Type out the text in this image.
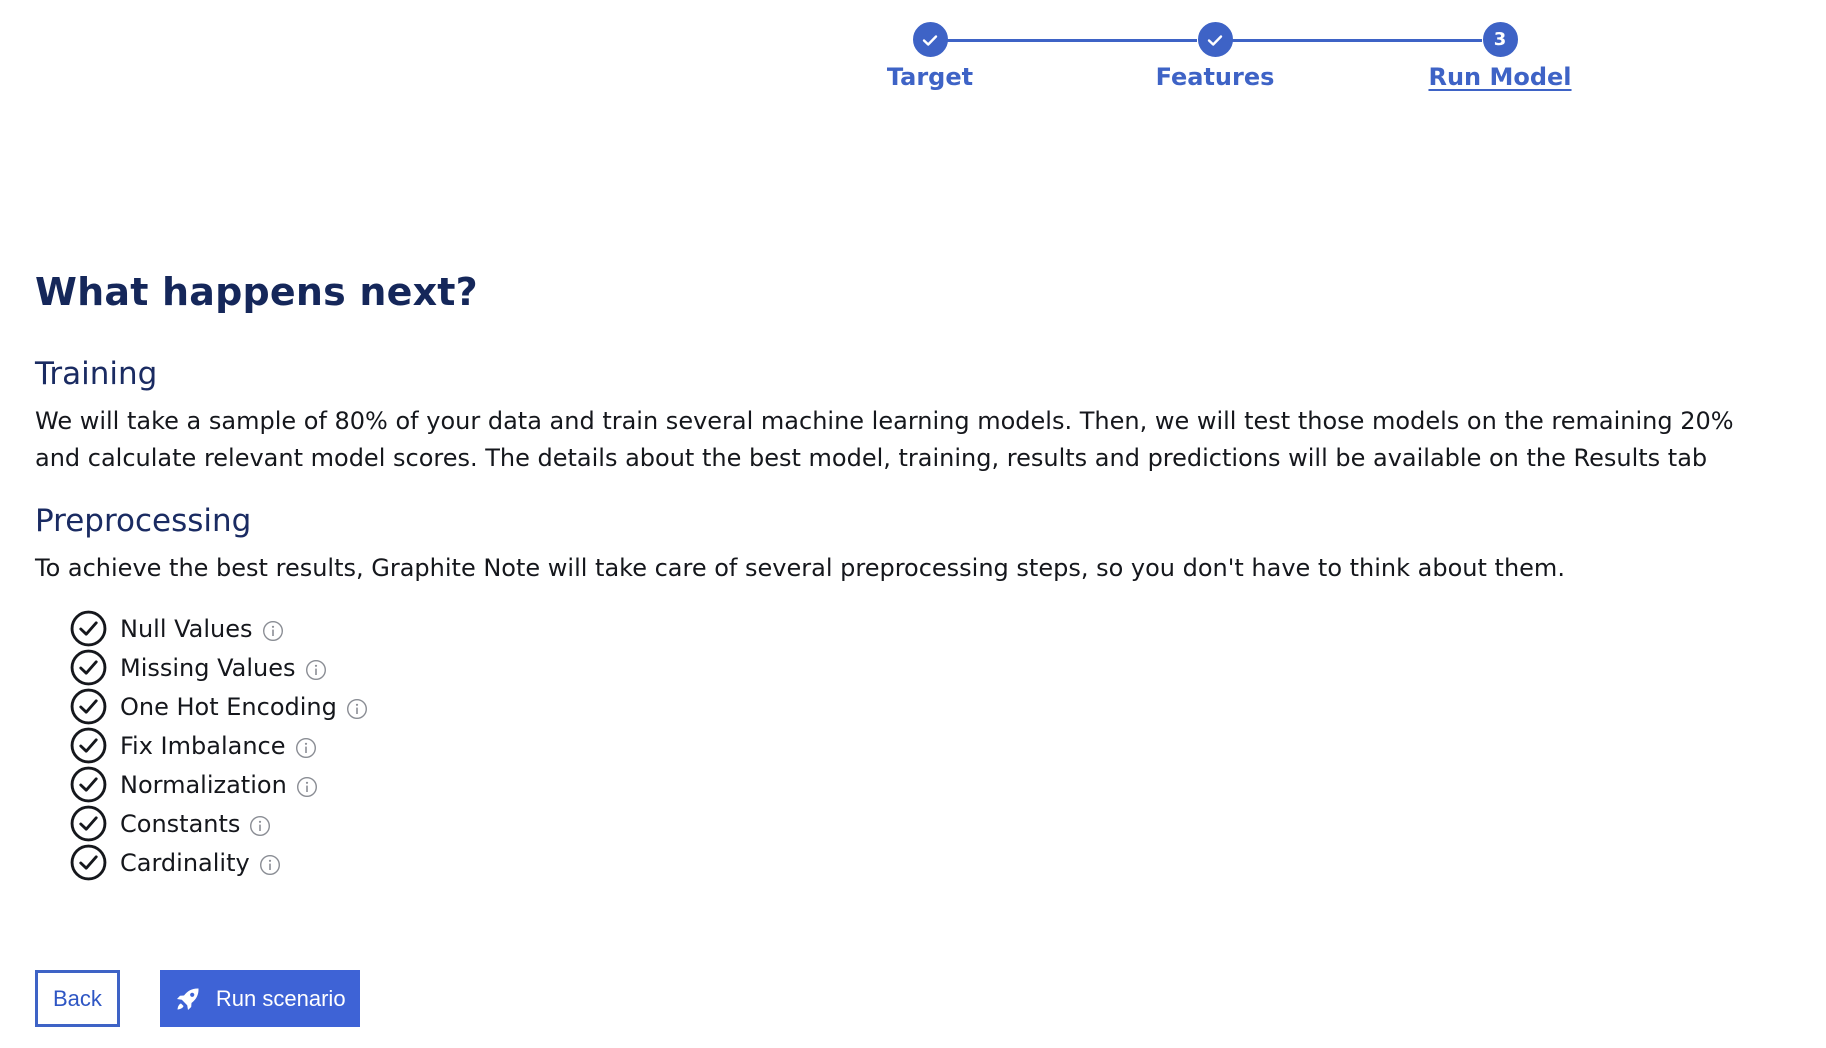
Target	Features
3
Run Model
What happens next?
Training

We will take a sample of 80% of your data and train several machine learning models. Then, we will test those models on the remaining 20% and calculate relevant model scores. The details about the best model, training, results and predictions will be available on the Results tab

Preprocessing

To achieve the best results, Graphite Note will take care of several preprocessing steps, so you don't have to think about them.

Null Values
Missing Values
One Hot Encoding
Fix Imbalance
Normalization
Constants
Cardinality
Back	Run scenario
